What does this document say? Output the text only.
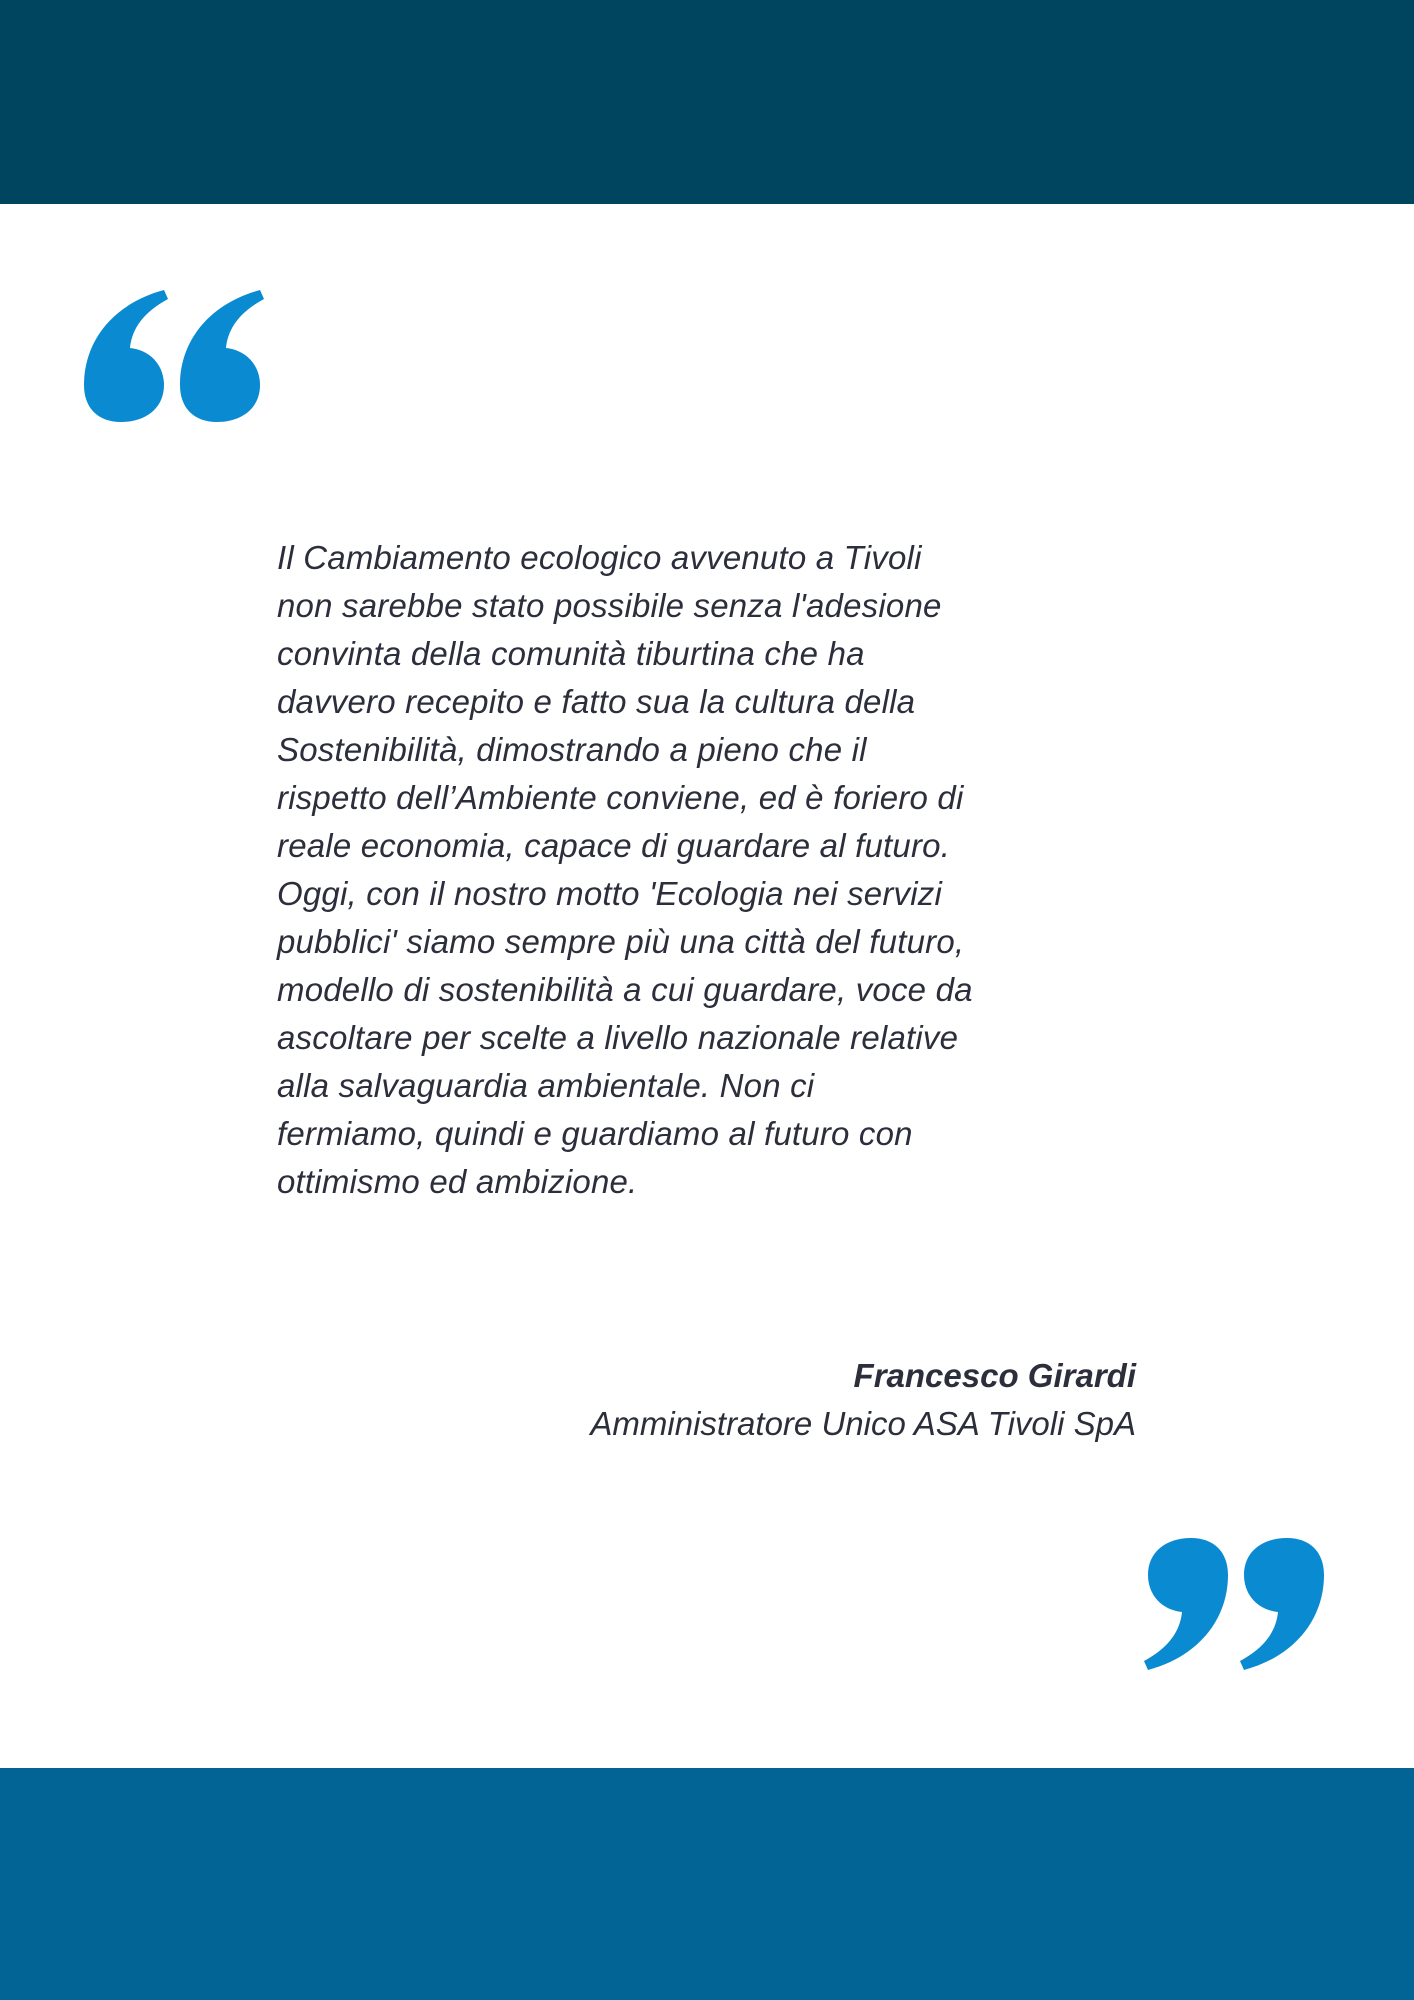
Il Cambiamento ecologico avvenuto a Tivoli
non sarebbe stato possibile senza l'adesione
convinta della comunità tiburtina che ha
davvero recepito e fatto sua la cultura della
Sostenibilità, dimostrando a pieno che il
rispetto dell’Ambiente conviene, ed è foriero di
reale economia, capace di guardare al futuro.
Oggi, con il nostro motto 'Ecologia nei servizi
pubblici' siamo sempre più una città del futuro,
modello di sostenibilità a cui guardare, voce da
ascoltare per scelte a livello nazionale relative
alla salvaguardia ambientale. Non ci
fermiamo, quindi e guardiamo al futuro con
ottimismo ed ambizione.

Francesco Girardi
Amministratore Unico ASA Tivoli SpA
